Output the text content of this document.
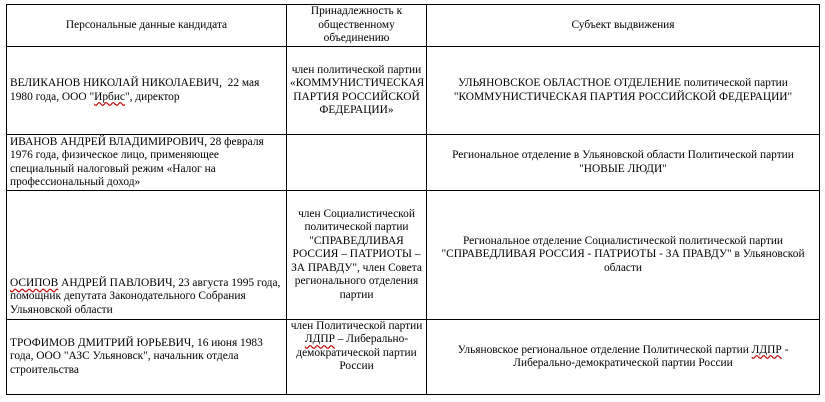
Персональные данные кандидата	Принадлежность к общественному объединению	Субъект выдвижения
ВЕЛИКАНОВ НИКОЛАЙ НИКОЛАЕВИЧ, 22 мая 1980 года, ООО "Ирбис", директор	член политической партии «КОММУНИСТИЧЕСКАЯ ПАРТИЯ РОССИЙСКОЙ ФЕДЕРАЦИИ»	УЛЬЯНОВСКОЕ ОБЛАСТНОЕ ОТДЕЛЕНИЕ политической партии "КОММУНИСТИЧЕСКАЯ ПАРТИЯ РОССИЙСКОЙ ФЕДЕРАЦИИ"
ИВАНОВ АНДРЕЙ ВЛАДИМИРОВИЧ, 28 февраля 1976 года, физическое лицо, применяющее специальный налоговый режим «Налог на профессиональный доход»		Региональное отделение в Ульяновской области Политической партии "НОВЫЕ ЛЮДИ"
ОСИПОВ АНДРЕЙ ПАВЛОВИЧ, 23 августа 1995 года, помощник депутата Законодательного Собрания Ульяновской области	член Социалистической политической партии "СПРАВЕДЛИВАЯ РОССИЯ – ПАТРИОТЫ – ЗА ПРАВДУ", член Совета регионального отделения партии	Региональное отделение Социалистической политической партии "СПРАВЕДЛИВАЯ РОССИЯ - ПАТРИОТЫ - ЗА ПРАВДУ" в Ульяновской области
ТРОФИМОВ ДМИТРИЙ ЮРЬЕВИЧ, 16 июня 1983 года, ООО "АЗС Ульяновск", начальник отдела строительства	член Политической партии ЛДПР – Либерально-демократической партии России	Ульяновское региональное отделение Политической партии ЛДПР - Либерально-демократической партии России
